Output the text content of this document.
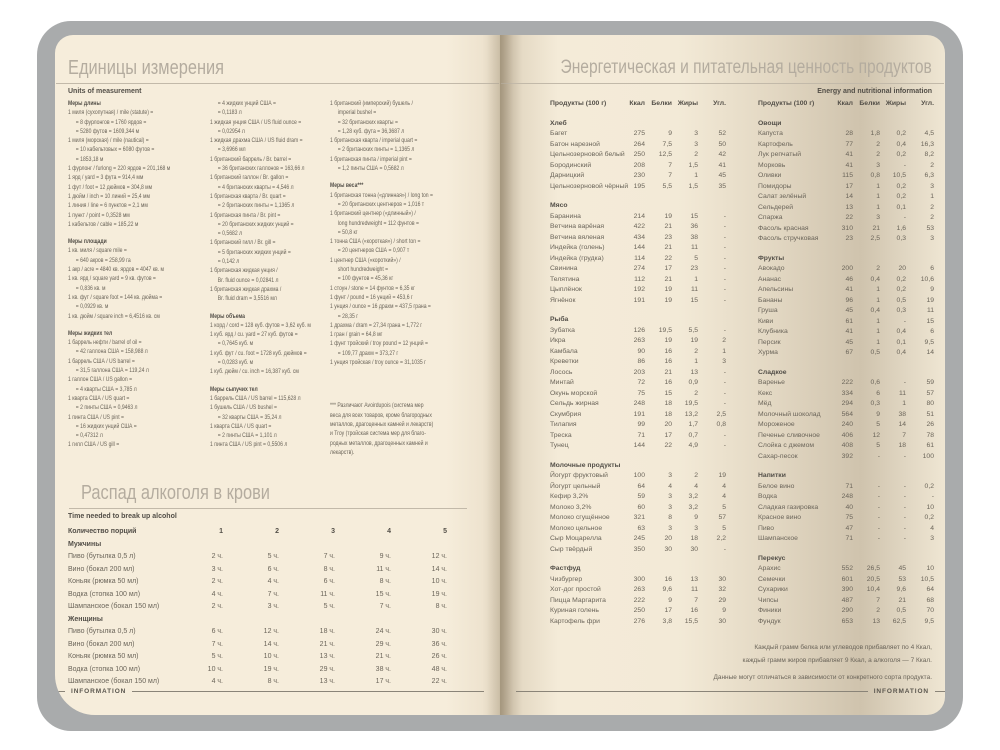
Единицы измерения
Units of measurement
Меры длины
1 миля (сухопутная) / mile (statute) =
= 8 фурлонгов = 1760 ярдов =
= 5280 футов = 1609,344 м
1 миля (морская) / mile (nautical) =
= 10 кабельтовых = 6080 футов =
= 1853,18 м
1 фурлонг / furlong = 220 ярдов = 201,168 м
1 ярд / yard = 3 фута = 914,4 мм
1 фут / foot = 12 дюймов = 304,8 мм
1 дюйм / inch = 10 линий = 25,4 мм
1 линия / line = 6 пунктов = 2,1 мм
1 пункт / point = 0,3528 мм
1 кабельтов / cable = 185,22 м
Меры площади
1 кв. миля / square mile =
= 640 акров = 258,99 га
1 акр / acre = 4840 кв. ярдов = 4047 кв. м
1 кв. ярд / square yard = 9 кв. футов =
= 0,836 кв. м
1 кв. фут / square foot = 144 кв. дюйма =
= 0,0929 кв. м
1 кв. дюйм / square inch = 6,4516 кв. см
Меры жидких тел
1 баррель нефти / barrel of oil =
= 42 галлона США = 158,988 л
1 баррель США / US barrel =
= 31,5 галлона США = 119,24 л
1 галлон США / US gallon =
= 4 кварты США = 3,785 л
1 кварта США / US quart =
= 2 пинты США = 0,9463 л
1 пинта США / US pint =
= 16 жидких унций США =
= 0,47312 л
1 гилл США / US gill =
= 4 жидких унций США =
= 0,1183 л
1 жидкая унция США / US fluid ounce =
= 0,02954 л
1 жидкая драхма США / US fluid dram =
= 3,6966 мл
1 британский баррель / Br. barrel =
= 36 британских галлонов = 163,66 л
1 британский галлон / Br. gallon =
= 4 британских кварты = 4,546 л
1 британская кварта / Br. quart =
= 2 британских пинты = 1,1365 л
1 британская пинта / Br. pint =
= 20 британских жидких унций =
= 0,5682 л
1 британский гилл / Br. gill =
= 5 британских жидких унций =
= 0,142 л
1 британская жидкая унция /
Br. fluid ounce = 0,02841 л
1 британская жидкая драхма /
Br. fluid dram = 3,5516 мл
Меры объема
1 корд / cord = 128 куб. футов = 3,62 куб. м
1 куб. ярд / cu. yard = 27 куб. футов =
= 0,7645 куб. м
1 куб. фут / cu. foot = 1728 куб. дюймов =
= 0,0283 куб. м
1 куб. дюйм / cu. inch = 16,387 куб. см
Меры сыпучих тел
1 баррель США / US barrel = 115,628 л
1 бушель США / US bushel =
= 32 кварты США = 35,24 л
1 кварта США / US quart =
= 2 пинты США = 1,101 л
1 пинта США / US pint = 0,5506 л
1 британский (имперский) бушель /
imperial bushel =
= 32 британских кварты =
= 1,28 куб. фута = 36,3687 л
1 британская кварта / imperial quart =
= 2 британских пинты = 1,1365 л
1 британская пинта / imperial pint =
= 1,2 пинты США = 0,5682 л
Меры веса***
1 британская тонна («длинная») / long ton =
= 20 британских центнеров = 1,016 т
1 британский центнер («длинный») /
long hundredweight = 112 фунтов =
= 50,8 кг
1 тонна США («короткая») / short ton =
= 20 центнеров США = 0,907 т
1 центнер США («короткий») /
short hundredweight =
= 100 фунтов = 45,36 кг
1 стоун / stone = 14 фунтов = 6,35 кг
1 фунт / pound = 16 унций = 453,6 г
1 унция / ounce = 16 драхм = 437,5 грана =
= 28,35 г
1 драхма / dram = 27,34 грана = 1,772 г
1 гран / grain = 64,8 мг
1 фунт тройский / troy pound = 12 унций =
= 109,77 драхм = 373,27 г
1 унция тройская / troy ounce = 31,1035 г
*** Различают Avoirdupois (система мер
веса для всех товаров, кроме благородных
металлов, драгоценных камней и лекарств)
и Troy (тройская система мер для благо-
родных металлов, драгоценных камней и
лекарств).
Распад алкоголя в крови
Time needed to break up alcohol
Количество порций	1	2	3	4	5
Мужчины
Пиво (бутылка 0,5 л)	2 ч.	5 ч.	7 ч.	9 ч.	12 ч.
Вино (бокал 200 мл)	3 ч.	6 ч.	8 ч.	11 ч.	14 ч.
Коньяк (рюмка 50 мл)	2 ч.	4 ч.	6 ч.	8 ч.	10 ч.
Водка (стопка 100 мл)	4 ч.	7 ч.	11 ч.	15 ч.	19 ч.
Шампанское (бокал 150 мл)	2 ч.	3 ч.	5 ч.	7 ч.	8 ч.
Женщины
Пиво (бутылка 0,5 л)	6 ч.	12 ч.	18 ч.	24 ч.	30 ч.
Вино (бокал 200 мл)	7 ч.	14 ч.	21 ч.	29 ч.	36 ч.
Коньяк (рюмка 50 мл)	5 ч.	10 ч.	13 ч.	21 ч.	26 ч.
Водка (стопка 100 мл)	10 ч.	19 ч.	29 ч.	38 ч.	48 ч.
Шампанское (бокал 150 мл)	4 ч.	8 ч.	13 ч.	17 ч.	22 ч.
INFORMATION
Энергетическая и питательная ценность продуктов
Energy and nutritional information
Продукты (100 г)	Ккал Белки Жиры	Угл.
Хлеб
Багет	275	9	3	52
Батон нарезной	264	7,5	3	50
Цельнозерновой белый	250	12,5	2	42
Бородинский	208	7	1,5	41
Дарницкий	230	7	1	45
Цельнозерновой чёрный 195	5,5	1,5	35
Мясо
Баранина	214	19	15	-
Ветчина варёная	422	21	36	-
Ветчина вяленая	434	23	38	-
Индейка (голень)	144	21	11	-
Индейка (грудка)	114	22	5	-
Свинина	274	17	23	-
Телятина	112	21	1	-
Цыплёнок	192	19	11	-
Ягнёнок	191	19	15	-
Рыба
Зубатка	126	19,5	5,5	-
Икра	263	19	19	2
Камбала	90	16	2	1
Креветки	86	16	1	3
Лосось	203	21	13	-
Минтай	72	16	0,9	-
Окунь морской	75	15	2	-
Сельдь жирная	248	18	19,5	-
Скумбрия	191	18	13,2	2,5
Тилапия	99	20	1,7	0,8
Треска	71	17	0,7	-
Тунец	144	22	4,9	-
Молочные продукты
Йогурт фруктовый	100	3	2	19
Йогурт цельный	64	4	4	4
Кефир 3,2%	59	3	3,2	4
Молоко 3,2%	60	3	3,2	5
Молоко сгущённое	321	8	9	57
Молоко цельное	63	3	3	5
Сыр Моцарелла	245	20	18	2,2
Сыр твёрдый	350	30	30	-
Фастфуд
Чизбургер	300	16	13	30
Хот-дог простой	263	9,6	11	32
Пицца Маргарита	222	9	7	29
Куриная голень	250	17	16	9
Картофель фри	276	3,8	15,5	30
Продукты (100 г)	Ккал Белки Жиры	Угл.
Овощи
Капуста	28	1,8	0,2	4,5
Картофель	77	2	0,4	16,3
Лук репчатый	41	2	0,2	8,2
Морковь	41	3	-	2
Оливки	115	0,8	10,5	6,3
Помидоры	17	1	0,2	3
Салат зелёный	14	1	0,2	1
Сельдерей	13	1	0,1	2
Спаржа	22	3	-	2
Фасоль красная	310	21	1,6	53
Фасоль стручковая	23	2,5	0,3	3
Фрукты
Авокадо	200	2	20	6
Ананас	46	0,4	0,2	10,6
Апельсины	41	1	0,2	9
Бананы	96	1	0,5	19
Груша	45	0,4	0,3	11
Киви	61	1	-	15
Клубника	41	1	0,4	6
Персик	45	1	0,1	9,5
Хурма	67	0,5	0,4	14
Сладкое
Варенье	222	0,6	-	59
Кекс	334	6	11	57
Мёд	294	0,3	1	80
Молочный шоколад	564	9	38	51
Мороженое	240	5	14	26
Печенье сливочное	406	12	7	78
Слойка с джемом	408	5	18	61
Сахар-песок	392	-	-	100
Напитки
Белое вино	71	-	-	0,2
Водка	248	-	-	-
Сладкая газировка	40	-	-	10
Красное вино	75	-	-	0,2
Пиво	47	-	-	4
Шампанское	71	-	-	3
Перекус
Арахис	552	26,5	45	10
Семечки	601	20,5	53	10,5
Сухарики	390	10,4	9,6	64
Чипсы	487	7	21	68
Финики	290	2	0,5	70
Фундук	653	13	62,5	9,5
Каждый грамм белка или углеводов прибавляет по 4 Ккал,
каждый грамм жиров прибавляет 9 Ккал, а алкоголя — 7 Ккал.
Данные могут отличаться в зависимости от конкретного сорта продукта.
INFORMATION
